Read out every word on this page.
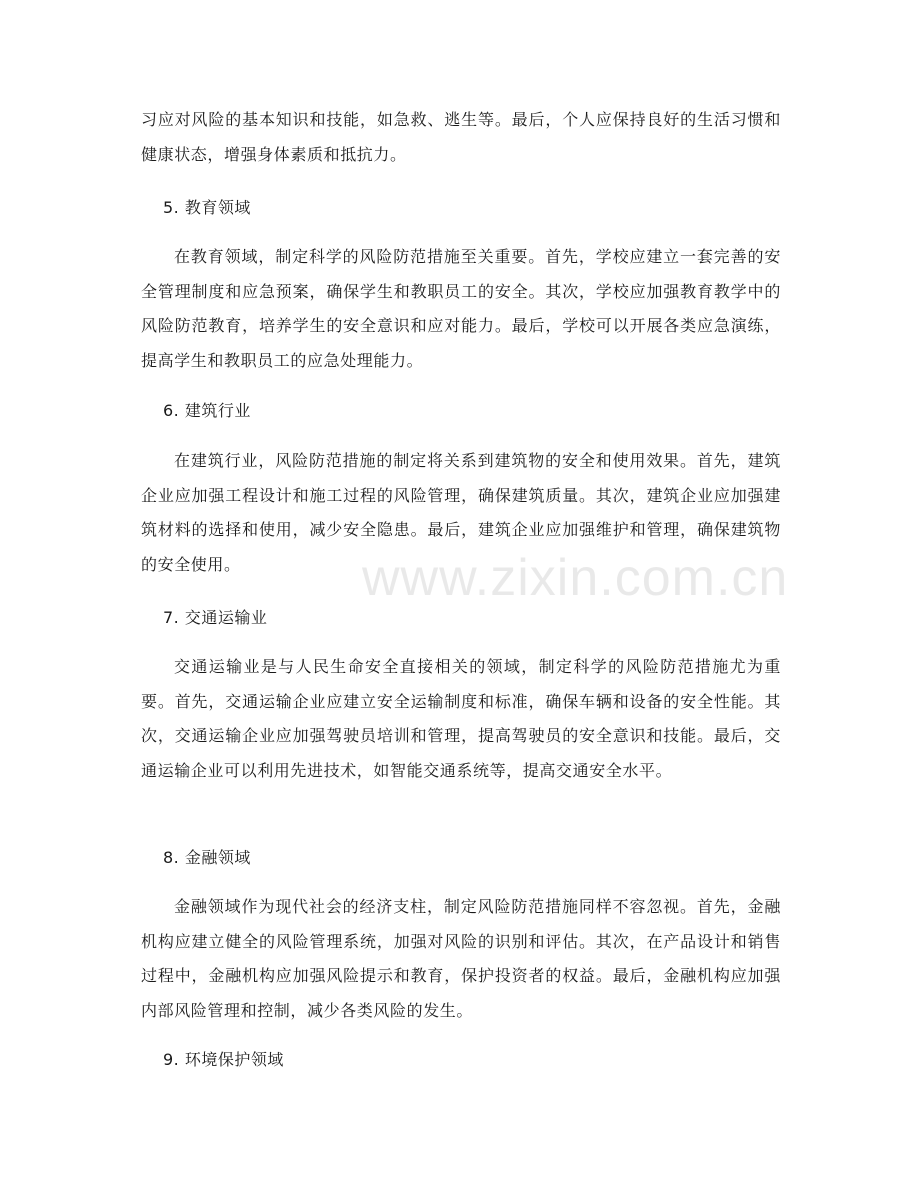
习应对风险的基本知识和技能，如急救、逃生等。最后，个人应保持良好的生活习惯和健康状态，增强身体素质和抵抗力。

5. 教育领域

在教育领域，制定科学的风险防范措施至关重要。首先，学校应建立一套完善的安全管理制度和应急预案，确保学生和教职员工的安全。其次，学校应加强教育教学中的风险防范教育，培养学生的安全意识和应对能力。最后，学校可以开展各类应急演练，提高学生和教职员工的应急处理能力。

6. 建筑行业

在建筑行业，风险防范措施的制定将关系到建筑物的安全和使用效果。首先，建筑企业应加强工程设计和施工过程的风险管理，确保建筑质量。其次，建筑企业应加强建筑材料的选择和使用，减少安全隐患。最后，建筑企业应加强维护和管理，确保建筑物的安全使用。

7. 交通运输业

交通运输业是与人民生命安全直接相关的领域，制定科学的风险防范措施尤为重要。首先，交通运输企业应建立安全运输制度和标准，确保车辆和设备的安全性能。其次，交通运输企业应加强驾驶员培训和管理，提高驾驶员的安全意识和技能。最后，交通运输企业可以利用先进技术，如智能交通系统等，提高交通安全水平。

8. 金融领域

金融领域作为现代社会的经济支柱，制定风险防范措施同样不容忽视。首先，金融机构应建立健全的风险管理系统，加强对风险的识别和评估。其次，在产品设计和销售过程中，金融机构应加强风险提示和教育，保护投资者的权益。最后，金融机构应加强内部风险管理和控制，减少各类风险的发生。

9. 环境保护领域

www.zixin.com.cn
